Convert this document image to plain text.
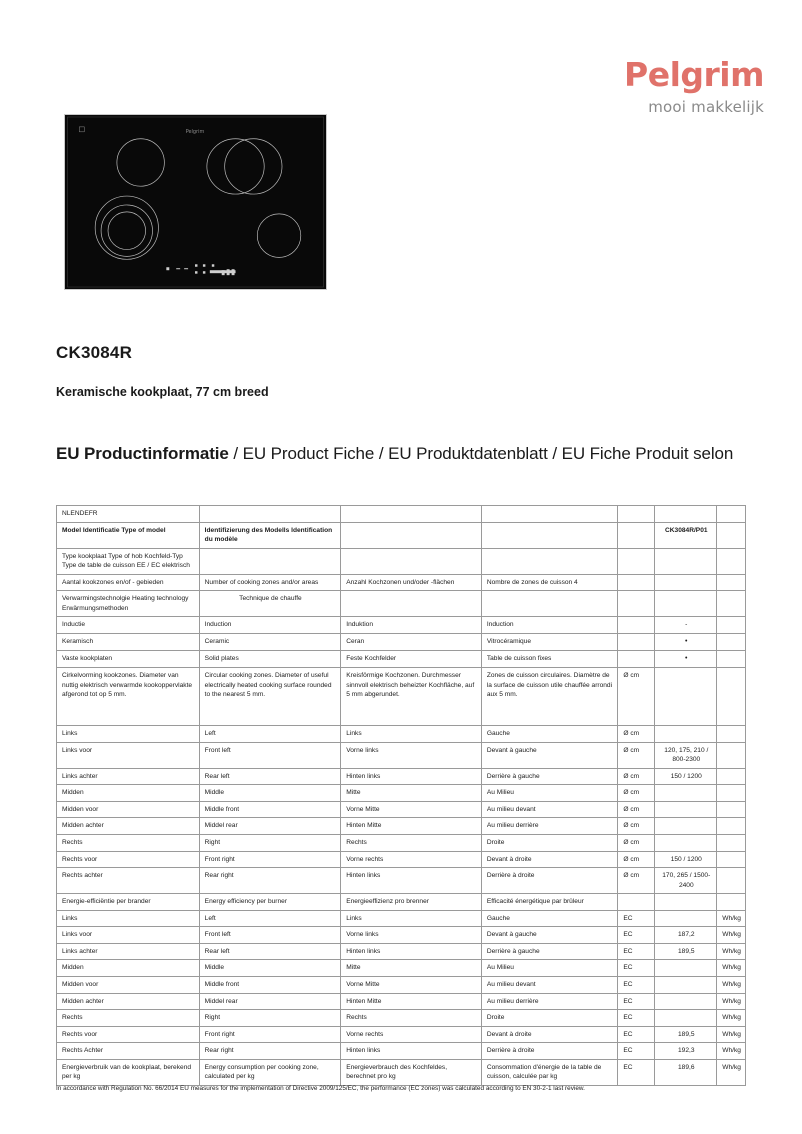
Pelgrim
mooi makkelijk
Pelgrim
CK3084R
Keramische kookplaat, 77 cm breed
EU Productinformatie / EU Product Fiche / EU Produktdatenblatt / EU Fiche Produit selon
NLENDEFR						
Model Identificatie Type of model	Identifizierung des Modells Identification du modèle				CK3084R/P01	
Type kookplaat Type of hob Kochfeld-Typ Type de table de cuisson EE / EC elektrisch						
Aantal kookzones en/of - gebieden	Number of cooking zones and/or areas	Anzahl Kochzonen und/oder -flächen	Nombre de zones de cuisson 4			
Verwarmingstechnolgie Heating technology Erwärmungsmethoden	Technique de chauffe					
Inductie	Induction	Induktion	Induction		-	
Keramisch	Ceramic	Ceran	Vitrocéramique		•	
Vaste kookplaten	Solid plates	Feste Kochfelder	Table de cuisson fixes		•	
Cirkelvorming kookzones. Diameter van nuttig elektrisch verwarmde kookoppervlakte afgerond tot op 5 mm.	Circular cooking zones. Diameter of useful electrically heated cooking surface rounded to the nearest 5 mm.	Kreisförmige Kochzonen. Durchmesser sinnvoll elektrisch beheizter Kochfläche, auf 5 mm abgerundet.	Zones de cuisson circulaires. Diamètre de la surface de cuisson utile chauffée arrondi aux 5 mm.	Ø cm		
Links	Left	Links	Gauche	Ø cm		
Links voor	Front left	Vorne links	Devant à gauche	Ø cm	120, 175, 210 / 800-2300	
Links achter	Rear left	Hinten links	Derrière à gauche	Ø cm	150 / 1200	
Midden	Middle	Mitte	Au Milieu	Ø cm		
Midden voor	Middle front	Vorne Mitte	Au milieu devant	Ø cm		
Midden achter	Middel rear	Hinten Mitte	Au milieu derrière	Ø cm		
Rechts	Right	Rechts	Droite	Ø cm		
Rechts voor	Front right	Vorne rechts	Devant à droite	Ø cm	150 / 1200	
Rechts achter	Rear right	Hinten links	Derrière à droite	Ø cm	170, 265 / 1500-2400	
Energie-efficiëntie per brander	Energy efficiency per burner	Energieeffizienz pro brenner	Efficacité énergétique par brûleur			
Links	Left	Links	Gauche	EC		Wh/kg
Links voor	Front left	Vorne links	Devant à gauche	EC	187,2	Wh/kg
Links achter	Rear left	Hinten links	Derrière à gauche	EC	189,5	Wh/kg
Midden	Middle	Mitte	Au Milieu	EC		Wh/kg
Midden voor	Middle front	Vorne Mitte	Au milieu devant	EC		Wh/kg
Midden achter	Middel rear	Hinten Mitte	Au milieu derrière	EC		Wh/kg
Rechts	Right	Rechts	Droite	EC		Wh/kg
Rechts voor	Front right	Vorne rechts	Devant à droite	EC	189,5	Wh/kg
Rechts Achter	Rear right	Hinten links	Derrière à droite	EC	192,3	Wh/kg
Energieverbruik van de kookplaat, berekend per kg	Energy consumption per cooking zone, calculated per kg	Energieverbrauch des Kochfeldes, berechnet pro kg	Consommation d'énergie de la table de cuisson, calculée par kg	EC	189,6	Wh/kg
In accordance with Regulation No. 66/2014 EU measures for the implementation of Directive 2009/125/EC, the performance (EC zones) was calculated according to EN 30-2-1 last review.
